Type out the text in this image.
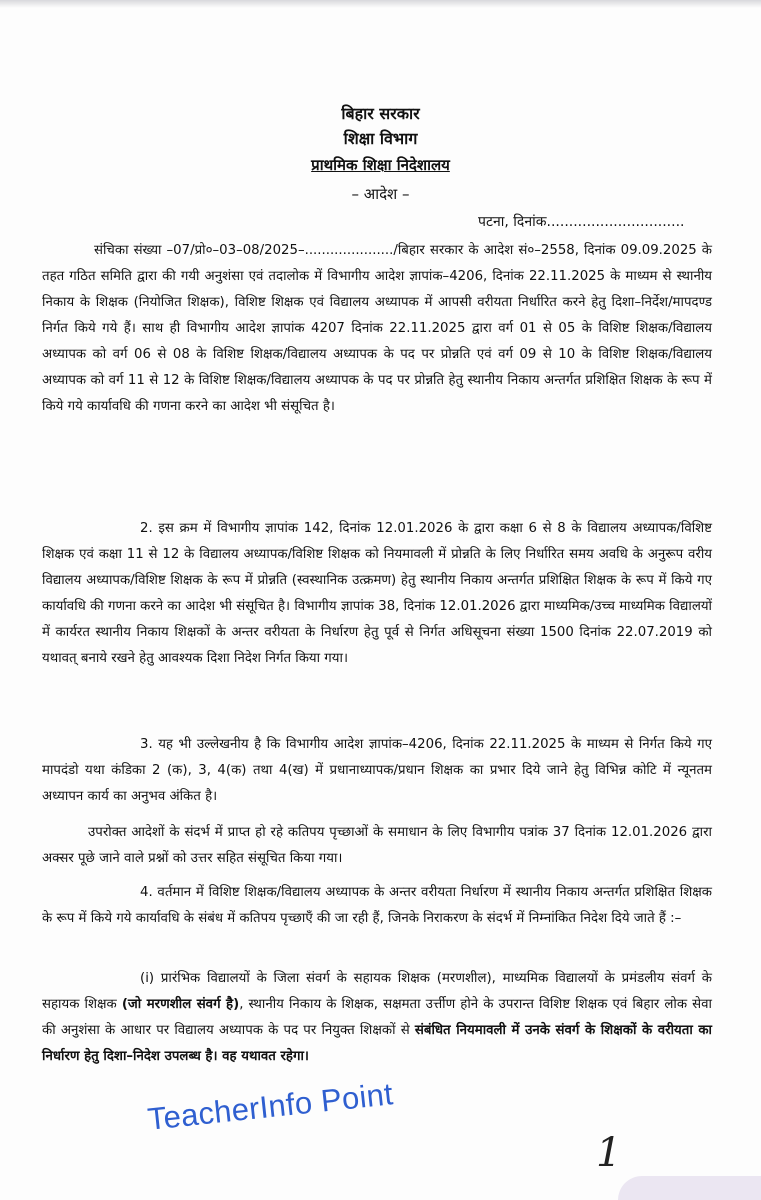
बिहार सरकार
शिक्षा विभाग
प्राथमिक शिक्षा निदेशालय
– आदेश –
पटना, दिनांक...............................
संचिका संख्या –07/प्रो०–03–08/2025–...................../बिहार सरकार के आदेश सं०–2558, दिनांक 09.09.2025 के तहत गठित समिति द्वारा की गयी अनुशंसा एवं तदालोक में विभागीय आदेश ज्ञापांक–4206, दिनांक 22.11.2025 के माध्यम से स्थानीय निकाय के शिक्षक (नियोजित शिक्षक), विशिष्ट शिक्षक एवं विद्यालय अध्यापक में आपसी वरीयता निर्धारित करने हेतु दिशा–निर्देश/मापदण्ड निर्गत किये गये हैं। साथ ही विभागीय आदेश ज्ञापांक 4207 दिनांक 22.11.2025 द्वारा वर्ग 01 से 05 के विशिष्ट शिक्षक/विद्यालय अध्यापक को वर्ग 06 से 08 के विशिष्ट शिक्षक/विद्यालय अध्यापक के पद पर प्रोन्नति एवं वर्ग 09 से 10 के विशिष्ट शिक्षक/विद्यालय अध्यापक को वर्ग 11 से 12 के विशिष्ट शिक्षक/विद्यालय अध्यापक के पद पर प्रोन्नति हेतु स्थानीय निकाय अन्तर्गत प्रशिक्षित शिक्षक के रूप में किये गये कार्यावधि की गणना करने का आदेश भी संसूचित है।
2. इस क्रम में विभागीय ज्ञापांक 142, दिनांक 12.01.2026 के द्वारा कक्षा 6 से 8 के विद्यालय अध्यापक/विशिष्ट शिक्षक एवं कक्षा 11 से 12 के विद्यालय अध्यापक/विशिष्ट शिक्षक को नियमावली में प्रोन्नति के लिए निर्धारित समय अवधि के अनुरूप वरीय विद्यालय अध्यापक/विशिष्ट शिक्षक के रूप में प्रोन्नति (स्वस्थानिक उत्क्रमण) हेतु स्थानीय निकाय अन्तर्गत प्रशिक्षित शिक्षक के रूप में किये गए कार्यावधि की गणना करने का आदेश भी संसूचित है। विभागीय ज्ञापांक 38, दिनांक 12.01.2026 द्वारा माध्यमिक/उच्च माध्यमिक विद्यालयों में कार्यरत स्थानीय निकाय शिक्षकों के अन्तर वरीयता के निर्धारण हेतु पूर्व से निर्गत अधिसूचना संख्या 1500 दिनांक 22.07.2019 को यथावत् बनाये रखने हेतु आवश्यक दिशा निदेश निर्गत किया गया।
3. यह भी उल्लेखनीय है कि विभागीय आदेश ज्ञापांक–4206, दिनांक 22.11.2025 के माध्यम से निर्गत किये गए मापदंडो यथा कंडिका 2 (क), 3, 4(क) तथा 4(ख) में प्रधानाध्यापक/प्रधान शिक्षक का प्रभार दिये जाने हेतु विभिन्न कोटि में न्यूनतम अध्यापन कार्य का अनुभव अंकित है।
उपरोक्त आदेशों के संदर्भ में प्राप्त हो रहे कतिपय पृच्छाओं के समाधान के लिए विभागीय पत्रांक 37 दिनांक 12.01.2026 द्वारा अक्सर पूछे जाने वाले प्रश्नों को उत्तर सहित संसूचित किया गया।
4. वर्तमान में विशिष्ट शिक्षक/विद्यालय अध्यापक के अन्तर वरीयता निर्धारण में स्थानीय निकाय अन्तर्गत प्रशिक्षित शिक्षक के रूप में किये गये कार्यावधि के संबंध में कतिपय पृच्छाएँ की जा रही हैं, जिनके निराकरण के संदर्भ में निम्नांकित निदेश दिये जाते हैं :–
(i) प्रारंभिक विद्यालयों के जिला संवर्ग के सहायक शिक्षक (मरणशील), माध्यमिक विद्यालयों के प्रमंडलीय संवर्ग के सहायक शिक्षक (जो मरणशील संवर्ग है), स्थानीय निकाय के शिक्षक, सक्षमता उर्त्तीण होने के उपरान्त विशिष्ट शिक्षक एवं बिहार लोक सेवा की अनुशंसा के आधार पर विद्यालय अध्यापक के पद पर नियुक्त शिक्षकों से संबंधित नियमावली में उनके संवर्ग के शिक्षकों के वरीयता का निर्धारण हेतु दिशा–निदेश उपलब्ध है। वह यथावत रहेगा।
TeacherInfo Point
1
